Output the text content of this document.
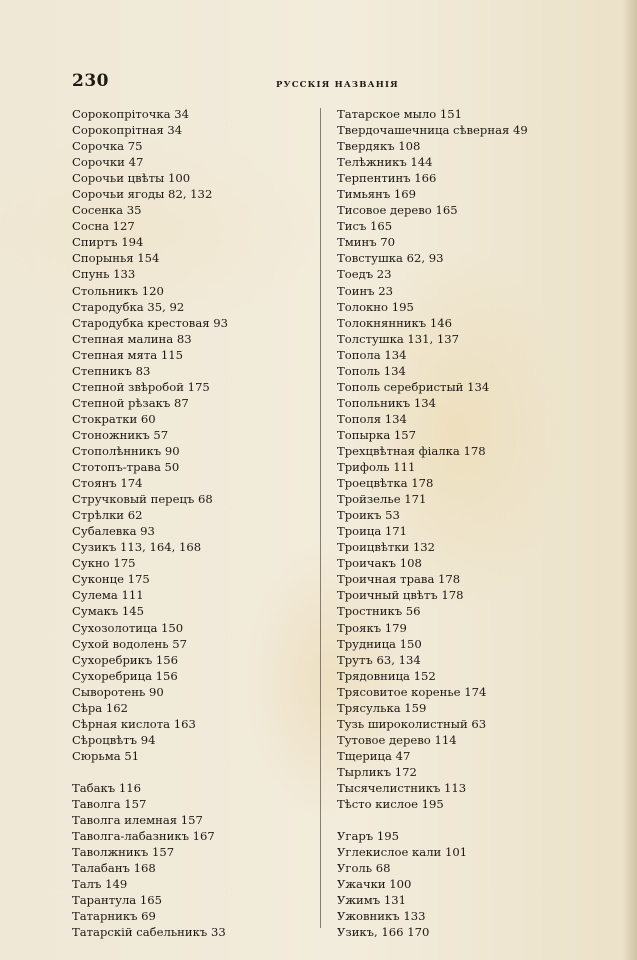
230	РУССКІЯ НАЗВАНІЯ
Сорокопріточка 34
Сорокопрітная 34
Сорочка 75
Сорочки 47
Сорочьи цвѣты 100
Сорочьи ягоды 82, 132
Сосенка 35
Сосна 127
Спиртъ 194
Спорынья 154
Спунь 133
Стольникъ 120
Стародубка 35, 92
Стародубка крестовая 93
Степная малина 83
Степная мята 115
Степникъ 83
Степной звѣробой 175
Степной рѣзакъ 87
Стократки 60
Стоножникъ 57
Стополѣнникъ 90
Стотопъ-трава 50
Стоянъ 174
Стручковый перецъ 68
Стрѣлки 62
Субалевка 93
Сузикъ 113, 164, 168
Сукно 175
Суконце 175
Сулема 111
Сумакъ 145
Сухозолотица 150
Сухой водолень 57
Сухоребрикъ 156
Сухоребрица 156
Сыворотень 90
Сѣра 162
Сѣрная кислота 163
Сѣроцвѣтъ 94
Сюрьма 51
Табакъ 116
Таволга 157
Таволга илемная 157
Таволга-лабазникъ 167
Таволжникъ 157
Талабанъ 168
Талъ 149
Тарантула 165
Татарникъ 69
Татарскій сабельникъ 33
Татарское мыло 151
Твердочашечница сѣверная 49
Твердякъ 108
Телѣжникъ 144
Терпентинъ 166
Тимьянъ 169
Тисовое дерево 165
Тисъ 165
Тминъ 70
Товстушка 62, 93
Тоедъ 23
Тоинъ 23
Толокно 195
Толокнянникъ 146
Толстушка 131, 137
Топола 134
Тополь 134
Тополь серебристый 134
Топольникъ 134
Тополя 134
Топырка 157
Трехцвѣтная фіалка 178
Трифоль 111
Троецвѣтка 178
Тройзелье 171
Троикъ 53
Троица 171
Троицвѣтки 132
Троичакъ 108
Троичная трава 178
Троичный цвѣтъ 178
Тростникъ 56
Троякъ 179
Трудница 150
Трутъ 63, 134
Трядовница 152
Трясовитое коренье 174
Трясулька 159
Тузь широколистный 63
Тутовое дерево 114
Тщерица 47
Тырликъ 172
Тысячелистникъ 113
Тѣсто кислое 195
Угаръ 195
Углекислое кали 101
Уголь 68
Ужачки 100
Ужимъ 131
Ужовникъ 133
Узикъ, 166 170
